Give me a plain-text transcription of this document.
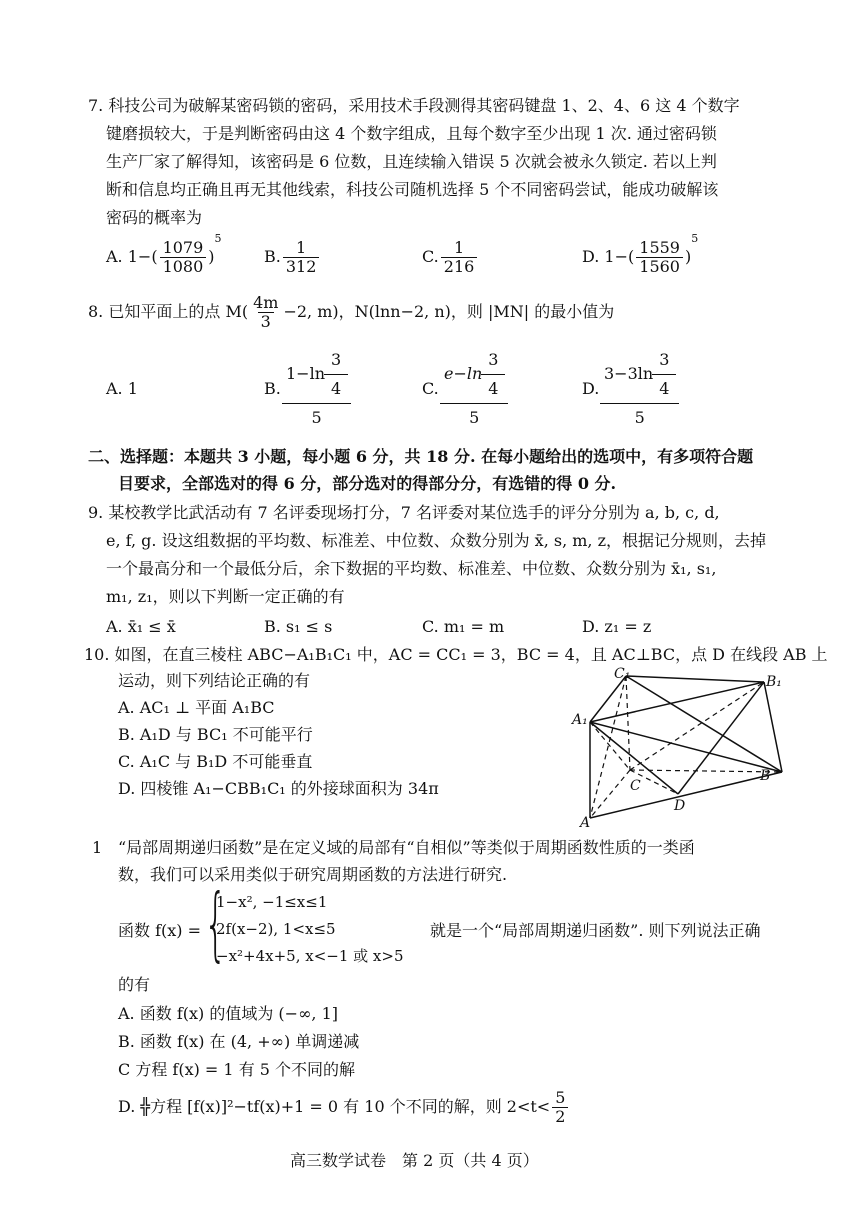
7. 科技公司为破解某密码锁的密码，采用技术手段测得其密码键盘 1、2、4、6 这 4 个数字
键磨损较大，于是判断密码由这 4 个数字组成，且每个数字至少出现 1 次. 通过密码锁
生产厂家了解得知，该密码是 6 位数，且连续输入错误 5 次就会被永久锁定. 若以上判
断和信息均正确且再无其他线索，科技公司随机选择 5 个不同密码尝试，能成功破解该
密码的概率为
A. $1-( \frac{1079}{1080} )^5$
B. $\frac{1}{312}$	C. $\frac{1}{216}$	D. $1-( \frac{1559}{1560} )^5$
8. 已知平面上的点 $M( \frac{4m}{3} -2$, m)，N(lnn−2, n)，则 |MN| 的最小值为
A. 1	B. $\frac{1-\ln \frac{3}{4}}{5}$	C. $\frac{e-\ln \frac{3}{4}}{5}$	D. $\frac{3-3\ln \frac{3}{4}}{5}$
二、选择题：本题共 3 小题，每小题 6 分，共 18 分. 在每小题给出的选项中，有多项符合题
目要求，全部选对的得 6 分，部分选对的得部分分，有选错的得 0 分.
9. 某校教学比武活动有 7 名评委现场打分，7 名评委对某位选手的评分分别为 a, b, c, d,
e, f, g. 设这组数据的平均数、标准差、中位数、众数分别为 x̄, s, m, z，根据记分规则，去掉
一个最高分和一个最低分后，余下数据的平均数、标准差、中位数、众数分别为 x̄₁, s₁,
m₁, z₁，则以下判断一定正确的有
A. x̄₁ ≤ x̄	B. s₁ ≤ s	C. m₁ = m	D. z₁ = z
10. 如图，在直三棱柱 ABC−A₁B₁C₁ 中，AC = CC₁ = 3，BC = 4，且 AC⊥BC，点 D 在线段 AB 上
运动，则下列结论正确的有
A. AC₁ ⊥ 平面 A₁BC
B. A₁D 与 BC₁ 不可能平行
C. A₁C 与 B₁D 不可能垂直
D. 四棱锥 A₁−CBB₁C₁ 的外接球面积为 34π
C₁	B₁
A₁
C
B
D
A
1 “局部周期递归函数”是在定义域的局部有“自相似”等类似于周期函数性质的一类函
数，我们可以采用类似于研究周期函数的方法进行研究.
函数 f(x) = {
1−x², −1≤x≤1
2f(x−2), 1<x≤5
−x²+4x+5, x<−1 或 x>5
就是一个“局部周期递归函数”. 则下列说法正确
的有
A. 函数 f(x) 的值域为 (−∞, 1]
B. 函数 f(x) 在 (4, +∞) 单调递减
C 方程 f(x) = 1 有 5 个不同的解
D. ╬方程 [f(x)]²−tf(x)+1 = 0 有 10 个不同的解，则 $2<t< \frac{5}{2}$
高三数学试卷　第 2 页（共 4 页）
